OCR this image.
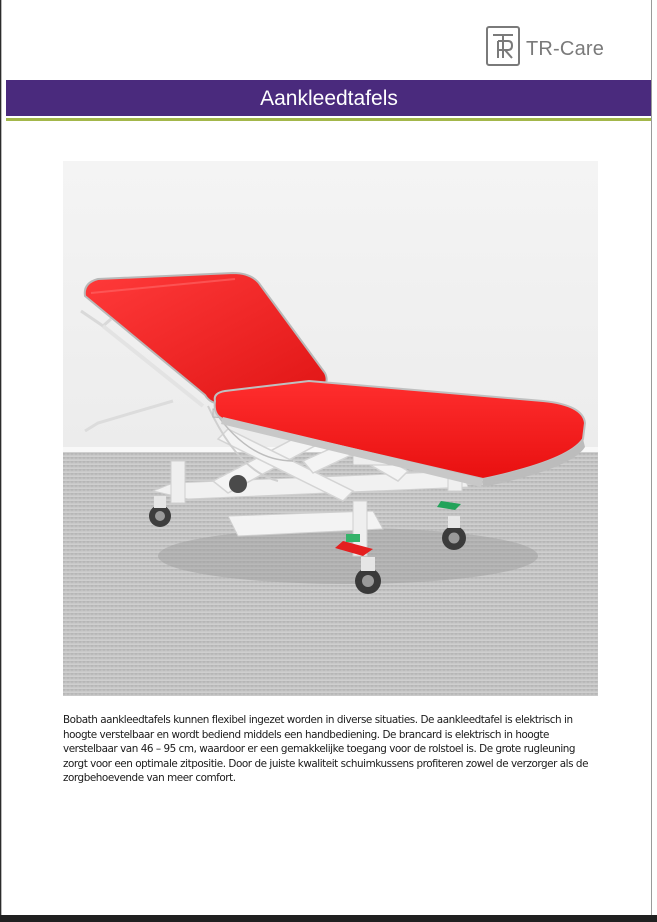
TR-Care
Aankleedtafels
Bobath aankleedtafels kunnen flexibel ingezet worden in diverse situaties. De aankleedtafel is elektrisch in
hoogte verstelbaar en wordt bediend middels een handbediening. De brancard is elektrisch in hoogte
verstelbaar van 46 – 95 cm, waardoor er een gemakkelijke toegang voor de rolstoel is. De grote rugleuning
zorgt voor een optimale zitpositie. Door de juiste kwaliteit schuimkussens profiteren zowel de verzorger als de
zorgbehoevende van meer comfort.
